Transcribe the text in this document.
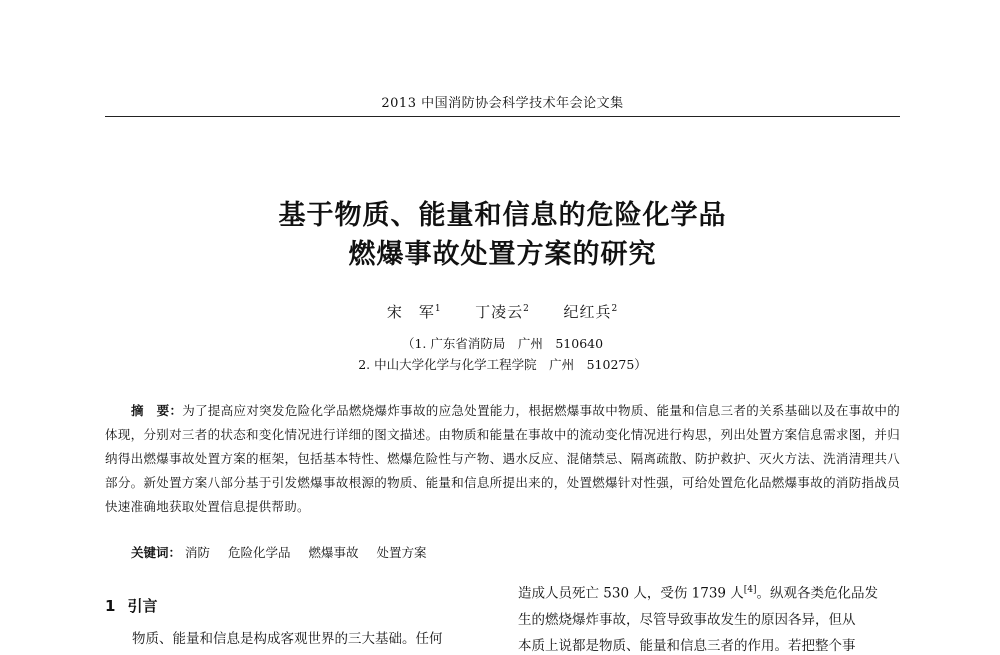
2013 中国消防协会科学技术年会论文集
基于物质、能量和信息的危险化学品
燃爆事故处置方案的研究
宋　军$^1$ 丁凌云$^2$ 纪红兵$^2$
（1. 广东省消防局　广州　510640
2. 中山大学化学与化学工程学院　广州　510275）
摘　要：为了提高应对突发危险化学品燃烧爆炸事故的应急处置能力，根据燃爆事故中物质、能量和信息三者的关系基础以及在事故中的体现，分别对三者的状态和变化情况进行详细的图文描述。由物质和能量在事故中的流动变化情况进行构思，列出处置方案信息需求图，并归纳得出燃爆事故处置方案的框架，包括基本特性、燃爆危险性与产物、遇水反应、混储禁忌、隔离疏散、防护救护、灭火方法、洗消清理共八部分。新处置方案八部分基于引发燃爆事故根源的物质、能量和信息所提出来的，处置燃爆针对性强，可给处置危化品燃爆事故的消防指战员快速准确地获取处置信息提供帮助。
关键词： 消防 危险化学品 燃爆事故 处置方案
1 引言

物质、能量和信息是构成客观世界的三大基础。任何

造成人员死亡 530 人，受伤 1739 人[4]。纵观各类危化品发

生的燃烧爆炸事故，尽管导致事故发生的原因各异，但从

本质上说都是物质、能量和信息三者的作用。若把整个事
